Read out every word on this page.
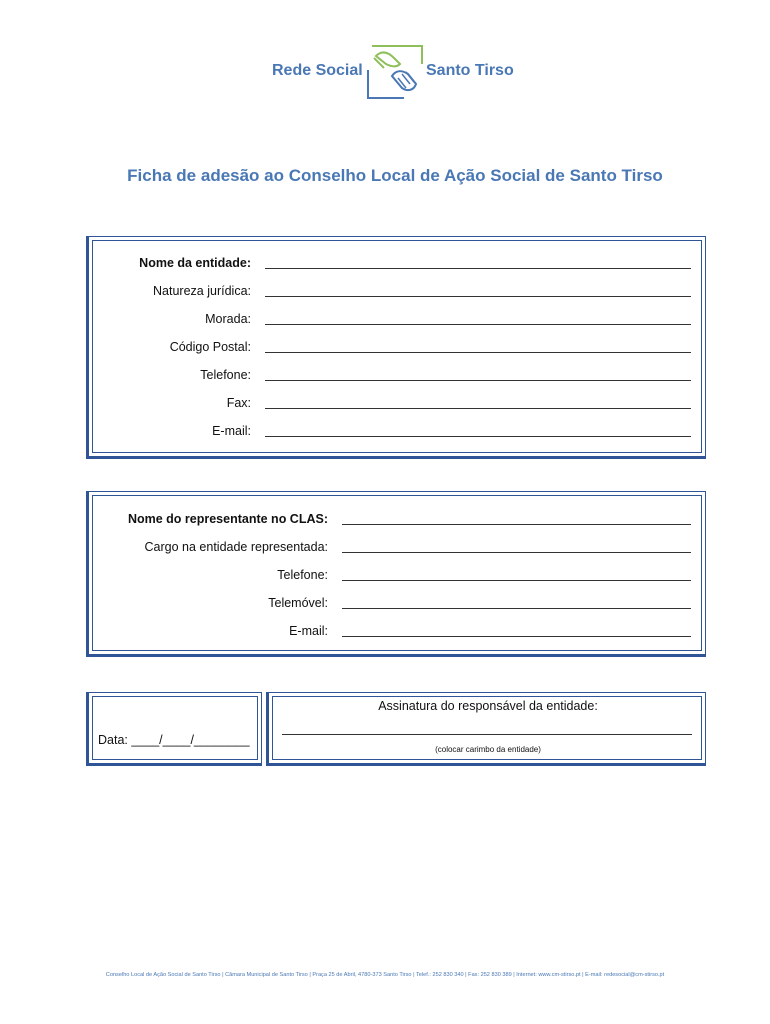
Rede Social	Santo Tirso
Ficha de adesão ao Conselho Local de Ação Social de Santo Tirso
Nome da entidade:
Natureza jurídica:
Morada:
Código Postal:
Telefone:
Fax:
E-mail:
Nome do representante no CLAS:
Cargo na entidade representada:
Telefone:
Telemóvel:
E-mail:
Data: ____/____/________
Assinatura do responsável da entidade:
(colocar carimbo da entidade)
Conselho Local de Ação Social de Santo Tirso | Câmara Municipal de Santo Tirso | Praça 25 de Abril, 4780-373 Santo Tirso | Telef.: 252 830 340 | Fax: 252 830 389 | Internet: www.cm-stirso.pt | E-mail: redesocial@cm-stirso.pt
